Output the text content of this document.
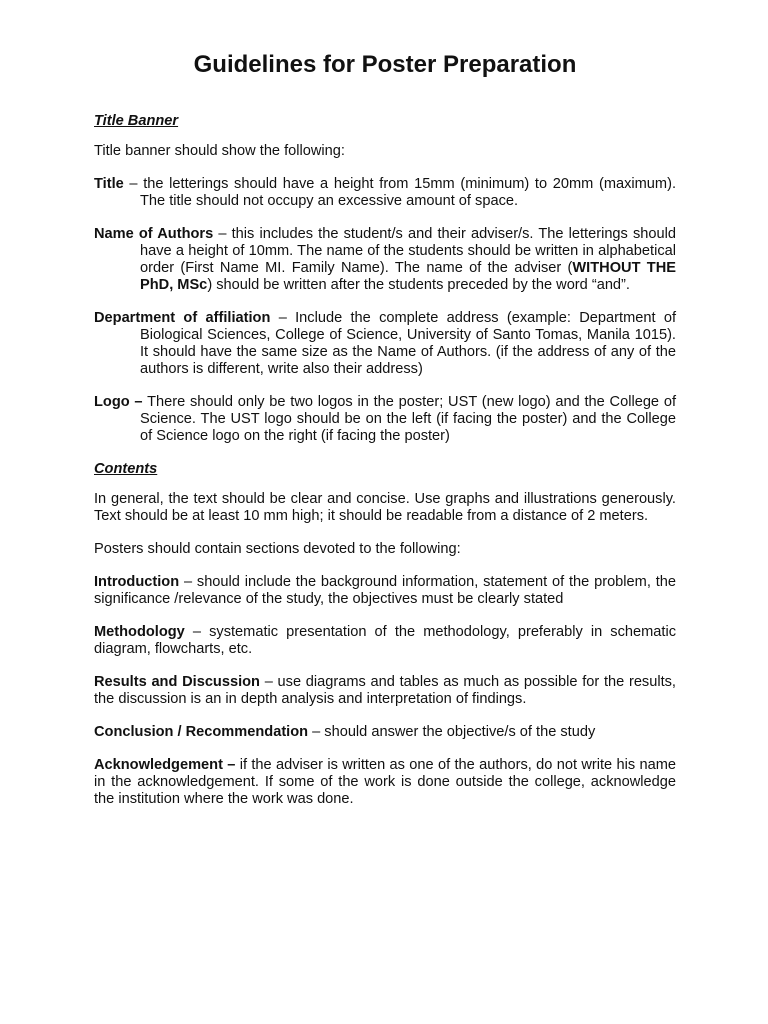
Guidelines for Poster Preparation
Title Banner

Title banner should show the following:

Title – the letterings should have a height from 15mm (minimum) to 20mm (maximum). The title should not occupy an excessive amount of space.

Name of Authors – this includes the student/s and their adviser/s. The letterings should have a height of 10mm. The name of the students should be written in alphabetical order (First Name MI. Family Name). The name of the adviser (WITHOUT THE PhD, MSc) should be written after the students preceded by the word “and”.

Department of affiliation – Include the complete address (example: Department of Biological Sciences, College of Science, University of Santo Tomas, Manila 1015). It should have the same size as the Name of Authors. (if the address of any of the authors is different, write also their address)

Logo – There should only be two logos in the poster; UST (new logo) and the College of Science. The UST logo should be on the left (if facing the poster) and the College of Science logo on the right (if facing the poster)

Contents

In general, the text should be clear and concise. Use graphs and illustrations generously. Text should be at least 10 mm high; it should be readable from a distance of 2 meters.

Posters should contain sections devoted to the following:

Introduction – should include the background information, statement of the problem, the significance /relevance of the study, the objectives must be clearly stated

Methodology – systematic presentation of the methodology, preferably in schematic diagram, flowcharts, etc.

Results and Discussion – use diagrams and tables as much as possible for the results, the discussion is an in depth analysis and interpretation of findings.

Conclusion / Recommendation – should answer the objective/s of the study

Acknowledgement – if the adviser is written as one of the authors, do not write his name in the acknowledgement. If some of the work is done outside the college, acknowledge the institution where the work was done.
